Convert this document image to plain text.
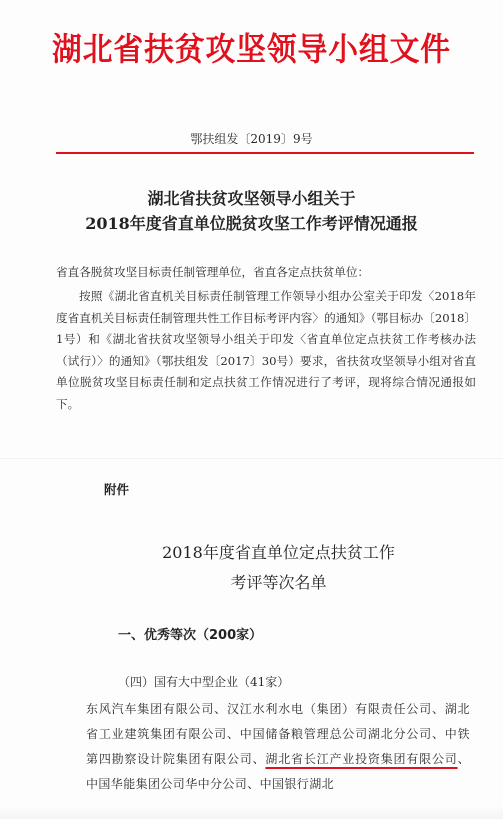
湖北省扶贫攻坚领导小组文件
鄂扶组发〔2019〕9号
湖北省扶贫攻坚领导小组关于
2018年度省直单位脱贫攻坚工作考评情况通报
省直各脱贫攻坚目标责任制管理单位，省直各定点扶贫单位：
按照《湖北省直机关目标责任制管理工作领导小组办公室关于印发〈2018年度省直机关目标责任制管理共性工作目标考评内容〉的通知》（鄂目标办〔2018〕1号）和《湖北省扶贫攻坚领导小组关于印发〈省直单位定点扶贫工作考核办法（试行）〉的通知》（鄂扶组发〔2017〕30号）要求，省扶贫攻坚领导小组对省直单位脱贫攻坚目标责任制和定点扶贫工作情况进行了考评，现将综合情况通报如下。
附件
2018年度省直单位定点扶贫工作
考评等次名单
一、优秀等次（200家）
（四）国有大中型企业（41家）
东风汽车集团有限公司、汉江水利水电（集团）有限责任公司、湖北省工业建筑集团有限公司、中国储备粮管理总公司湖北分公司、中铁第四勘察设计院集团有限公司、湖北省长江产业投资集团有限公司、中国华能集团公司华中分公司、中国银行湖北
